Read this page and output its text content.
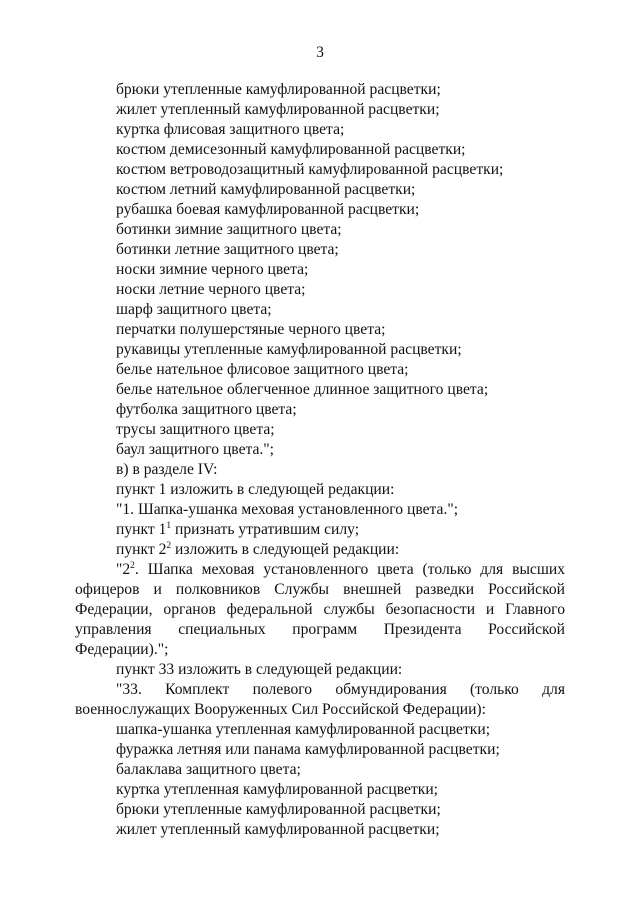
3
брюки утепленные камуфлированной расцветки;
жилет утепленный камуфлированной расцветки;
куртка флисовая защитного цвета;
костюм демисезонный камуфлированной расцветки;
костюм ветроводозащитный камуфлированной расцветки;
костюм летний камуфлированной расцветки;
рубашка боевая камуфлированной расцветки;
ботинки зимние защитного цвета;
ботинки летние защитного цвета;
носки зимние черного цвета;
носки летние черного цвета;
шарф защитного цвета;
перчатки полушерстяные черного цвета;
рукавицы утепленные камуфлированной расцветки;
белье нательное флисовое защитного цвета;
белье нательное облегченное длинное защитного цвета;
футболка защитного цвета;
трусы защитного цвета;
баул защитного цвета.";
в) в разделе IV:
пункт 1 изложить в следующей редакции:
"1. Шапка-ушанка меховая установленного цвета.";
пункт $1^1$ признать утратившим силу;
пункт $2^2$ изложить в следующей редакции:
"$2^2$. Шапка меховая установленного цвета (только для высших
офицеров и полковников Службы внешней разведки Российской
Федерации, органов федеральной службы безопасности и Главного
управления специальных программ Президента Российской
Федерации).";
пункт 33 изложить в следующей редакции:
"33. Комплект полевого обмундирования (только для
военнослужащих Вооруженных Сил Российской Федерации):
шапка-ушанка утепленная камуфлированной расцветки;
фуражка летняя или панама камуфлированной расцветки;
балаклава защитного цвета;
куртка утепленная камуфлированной расцветки;
брюки утепленные камуфлированной расцветки;
жилет утепленный камуфлированной расцветки;
